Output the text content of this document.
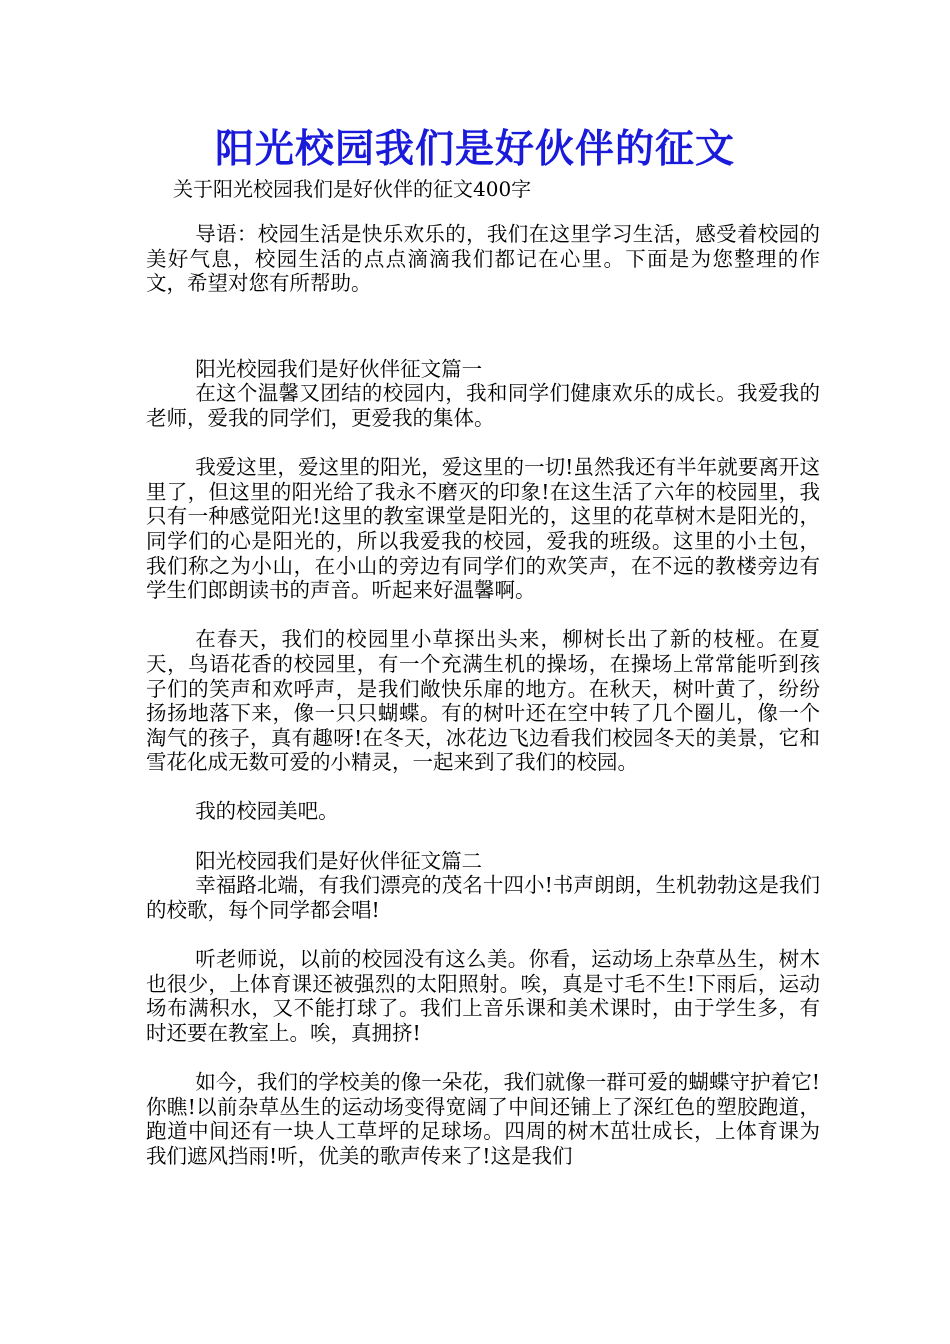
阳光校园我们是好伙伴的征文
关于阳光校园我们是好伙伴的征文400字

导语：校园生活是快乐欢乐的，我们在这里学习生活，感受着校园的美好气息，校园生活的点点滴滴我们都记在心里。下面是为您整理的作文，希望对您有所帮助。

阳光校园我们是好伙伴征文篇一

在这个温馨又团结的校园内，我和同学们健康欢乐的成长。我爱我的老师，爱我的同学们，更爱我的集体。

我爱这里，爱这里的阳光，爱这里的一切!虽然我还有半年就要离开这里了，但这里的阳光给了我永不磨灭的印象!在这生活了六年的校园里，我只有一种感觉阳光!这里的教室课堂是阳光的，这里的花草树木是阳光的，同学们的心是阳光的，所以我爱我的校园，爱我的班级。这里的小土包，我们称之为小山，在小山的旁边有同学们的欢笑声，在不远的教楼旁边有学生们郎朗读书的声音。听起来好温馨啊。

在春天，我们的校园里小草探出头来，柳树长出了新的枝桠。在夏天，鸟语花香的校园里，有一个充满生机的操场，在操场上常常能听到孩子们的笑声和欢呼声，是我们敞快乐扉的地方。在秋天，树叶黄了，纷纷扬扬地落下来，像一只只蝴蝶。有的树叶还在空中转了几个圈儿，像一个淘气的孩子，真有趣呀!在冬天，冰花边飞边看我们校园冬天的美景，它和雪花化成无数可爱的小精灵，一起来到了我们的校园。

我的校园美吧。

阳光校园我们是好伙伴征文篇二

幸福路北端，有我们漂亮的茂名十四小!书声朗朗，生机勃勃这是我们的校歌，每个同学都会唱!

听老师说，以前的校园没有这么美。你看，运动场上杂草丛生，树木也很少，上体育课还被强烈的太阳照射。唉，真是寸毛不生!下雨后，运动场布满积水，又不能打球了。我们上音乐课和美术课时，由于学生多，有时还要在教室上。唉，真拥挤!

如今，我们的学校美的像一朵花，我们就像一群可爱的蝴蝶守护着它!你瞧!以前杂草丛生的运动场变得宽阔了中间还铺上了深红色的塑胶跑道，跑道中间还有一块人工草坪的足球场。四周的树木茁壮成长，上体育课为我们遮风挡雨!听，优美的歌声传来了!这是我们
